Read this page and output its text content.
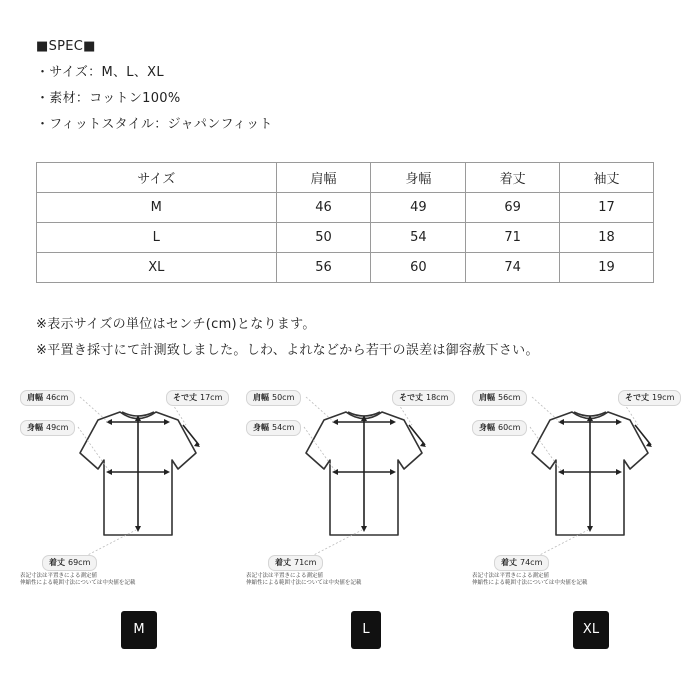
■SPEC■
・サイズ：M、L、XL
・素材：コットン100%
・フィットスタイル：ジャパンフィット
サイズ	肩幅	身幅	着丈	袖丈
M	46	49	69	17
L	50	54	71	18
XL	56	60	74	19
※表示サイズの単位はセンチ(cm)となります。
※平置き採寸にて計測致しました。しわ、よれなどから若干の誤差は御容赦下さい。
肩幅 46cm
身幅 49cm
そで丈 17cm
着丈 69cm
表記寸法は平置きによる測定値
伸縮性による範囲寸法については中央値を記載
肩幅 50cm
身幅 54cm
そで丈 18cm
着丈 71cm
表記寸法は平置きによる測定値
伸縮性による範囲寸法については中央値を記載
肩幅 56cm
身幅 60cm
そで丈 19cm
着丈 74cm
表記寸法は平置きによる測定値
伸縮性による範囲寸法については中央値を記載
M	L	XL
